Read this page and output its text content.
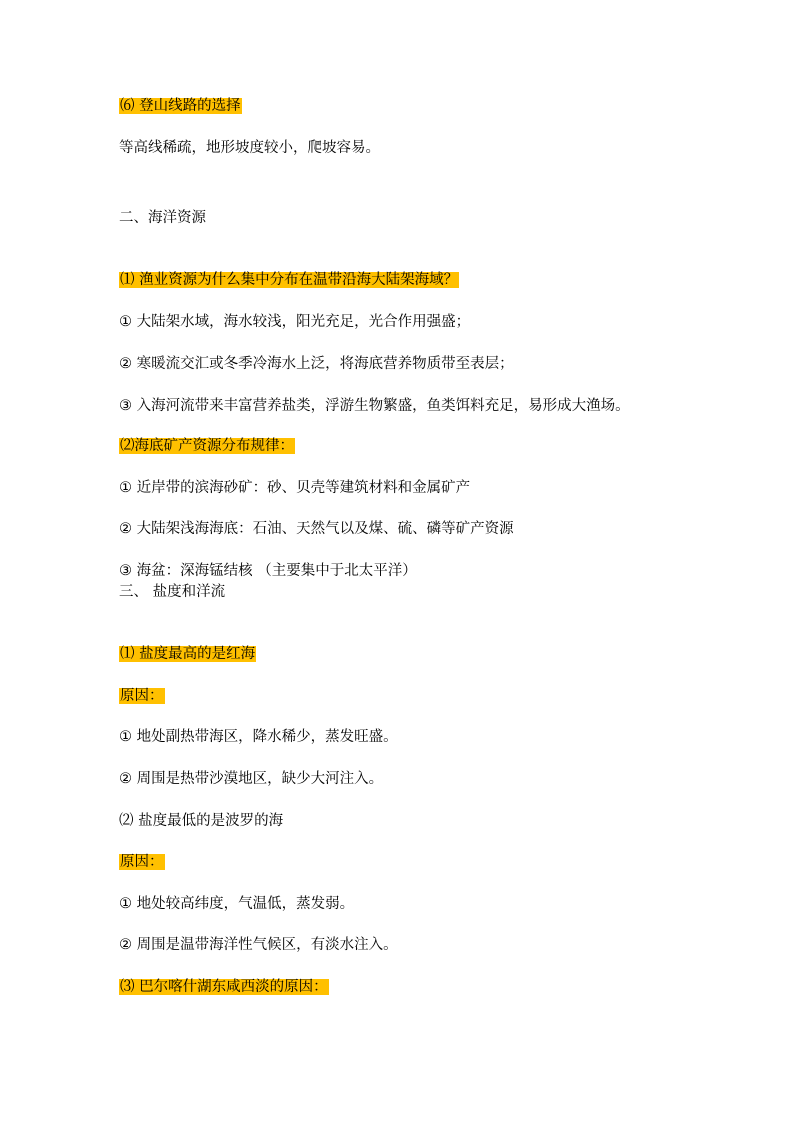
⑹ 登山线路的选择
等高线稀疏，地形坡度较小，爬坡容易。
二、海洋资源
⑴ 渔业资源为什么集中分布在温带沿海大陆架海域？
① 大陆架水域，海水较浅，阳光充足，光合作用强盛；
② 寒暖流交汇或冬季冷海水上泛，将海底营养物质带至表层；
③ 入海河流带来丰富营养盐类，浮游生物繁盛，鱼类饵料充足，易形成大渔场。
⑵海底矿产资源分布规律：
① 近岸带的滨海砂矿：砂、贝壳等建筑材料和金属矿产
② 大陆架浅海海底：石油、天然气以及煤、硫、磷等矿产资源
③ 海盆：深海锰结核 （主要集中于北太平洋）
三、 盐度和洋流
⑴ 盐度最高的是红海
原因：
① 地处副热带海区，降水稀少，蒸发旺盛。
② 周围是热带沙漠地区，缺少大河注入。
⑵ 盐度最低的是波罗的海
原因：
① 地处较高纬度，气温低，蒸发弱。
② 周围是温带海洋性气候区，有淡水注入。
⑶ 巴尔喀什湖东咸西淡的原因：
